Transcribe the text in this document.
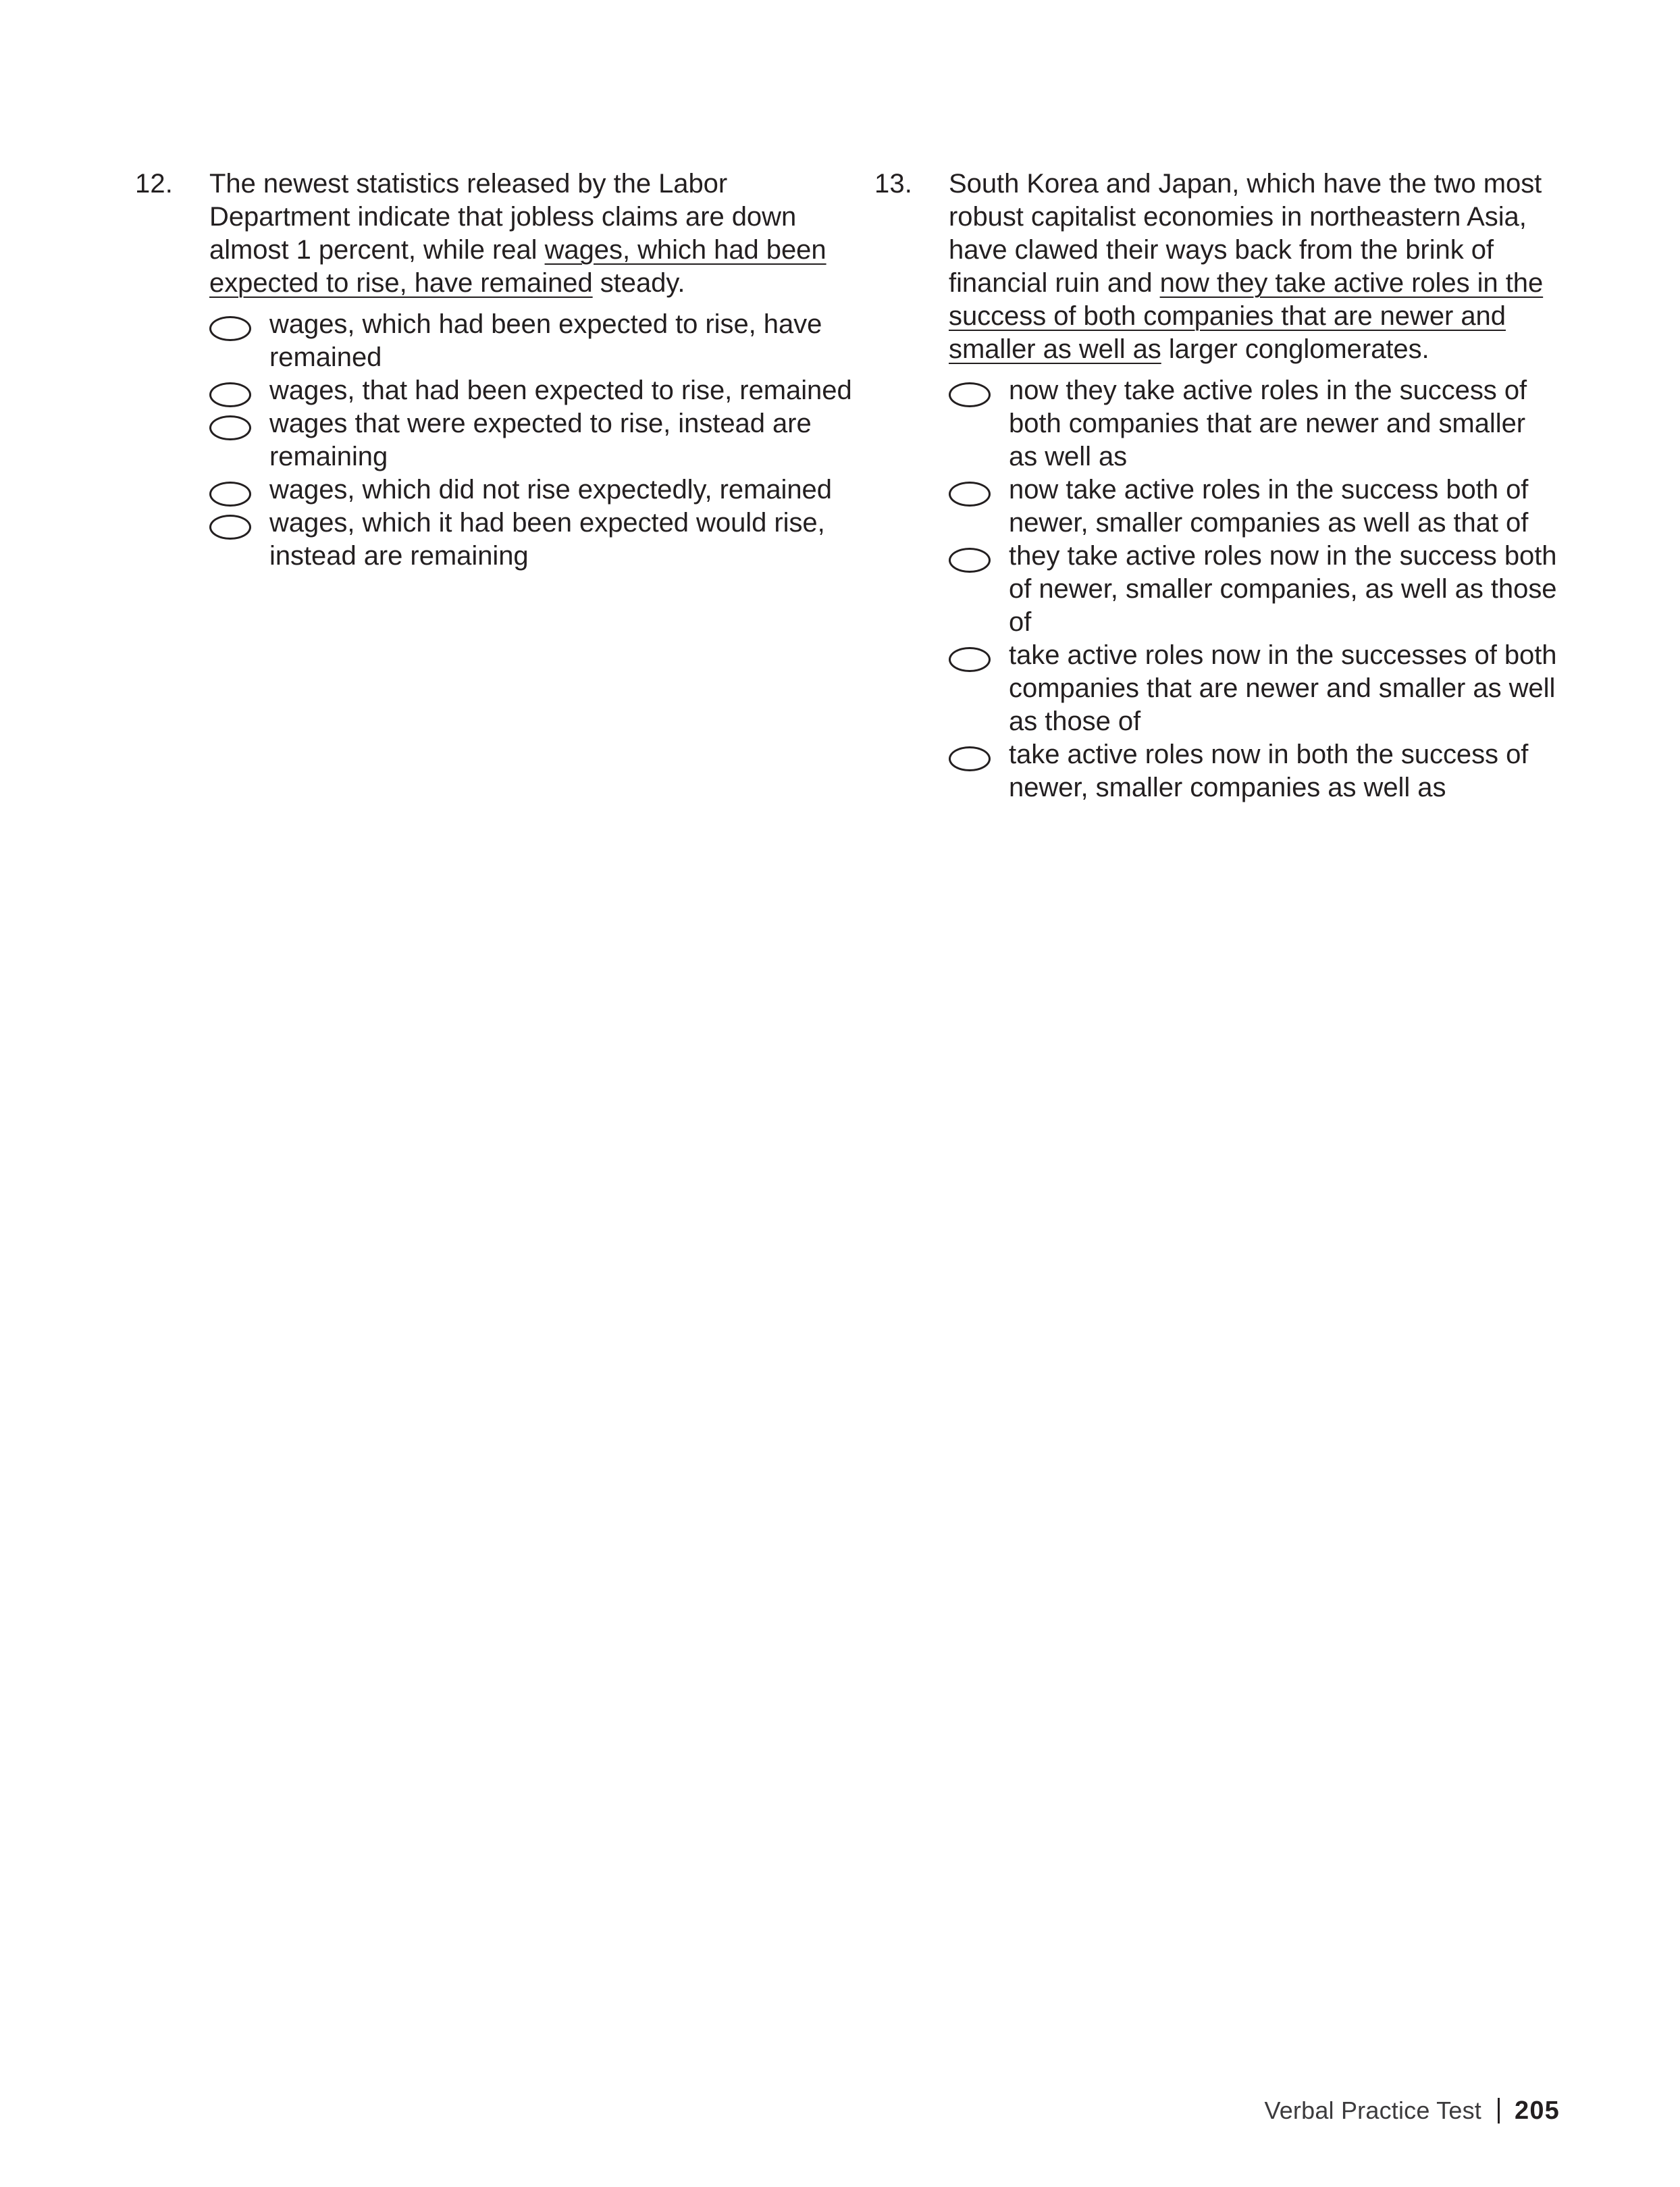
12.	The newest statistics released by the Labor Department indicate that jobless claims are down almost 1 percent, while real wages, which had been expected to rise, have remained steady.

wages, which had been expected to rise, have remained
wages, that had been expected to rise, remained
wages that were expected to rise, instead are remaining
wages, which did not rise expectedly, remained
wages, which it had been expected would rise, instead are remaining
13.	South Korea and Japan, which have the two most robust capitalist economies in northeastern Asia, have clawed their ways back from the brink of financial ruin and now they take active roles in the success of both companies that are newer and smaller as well as larger conglomerates.

now they take active roles in the success of both companies that are newer and smaller as well as
now take active roles in the success both of newer, smaller companies as well as that of
they take active roles now in the success both of newer, smaller companies, as well as those of
take active roles now in the successes of both companies that are newer and smaller as well as those of
take active roles now in both the success of newer, smaller companies as well as
Verbal Practice Test 205
